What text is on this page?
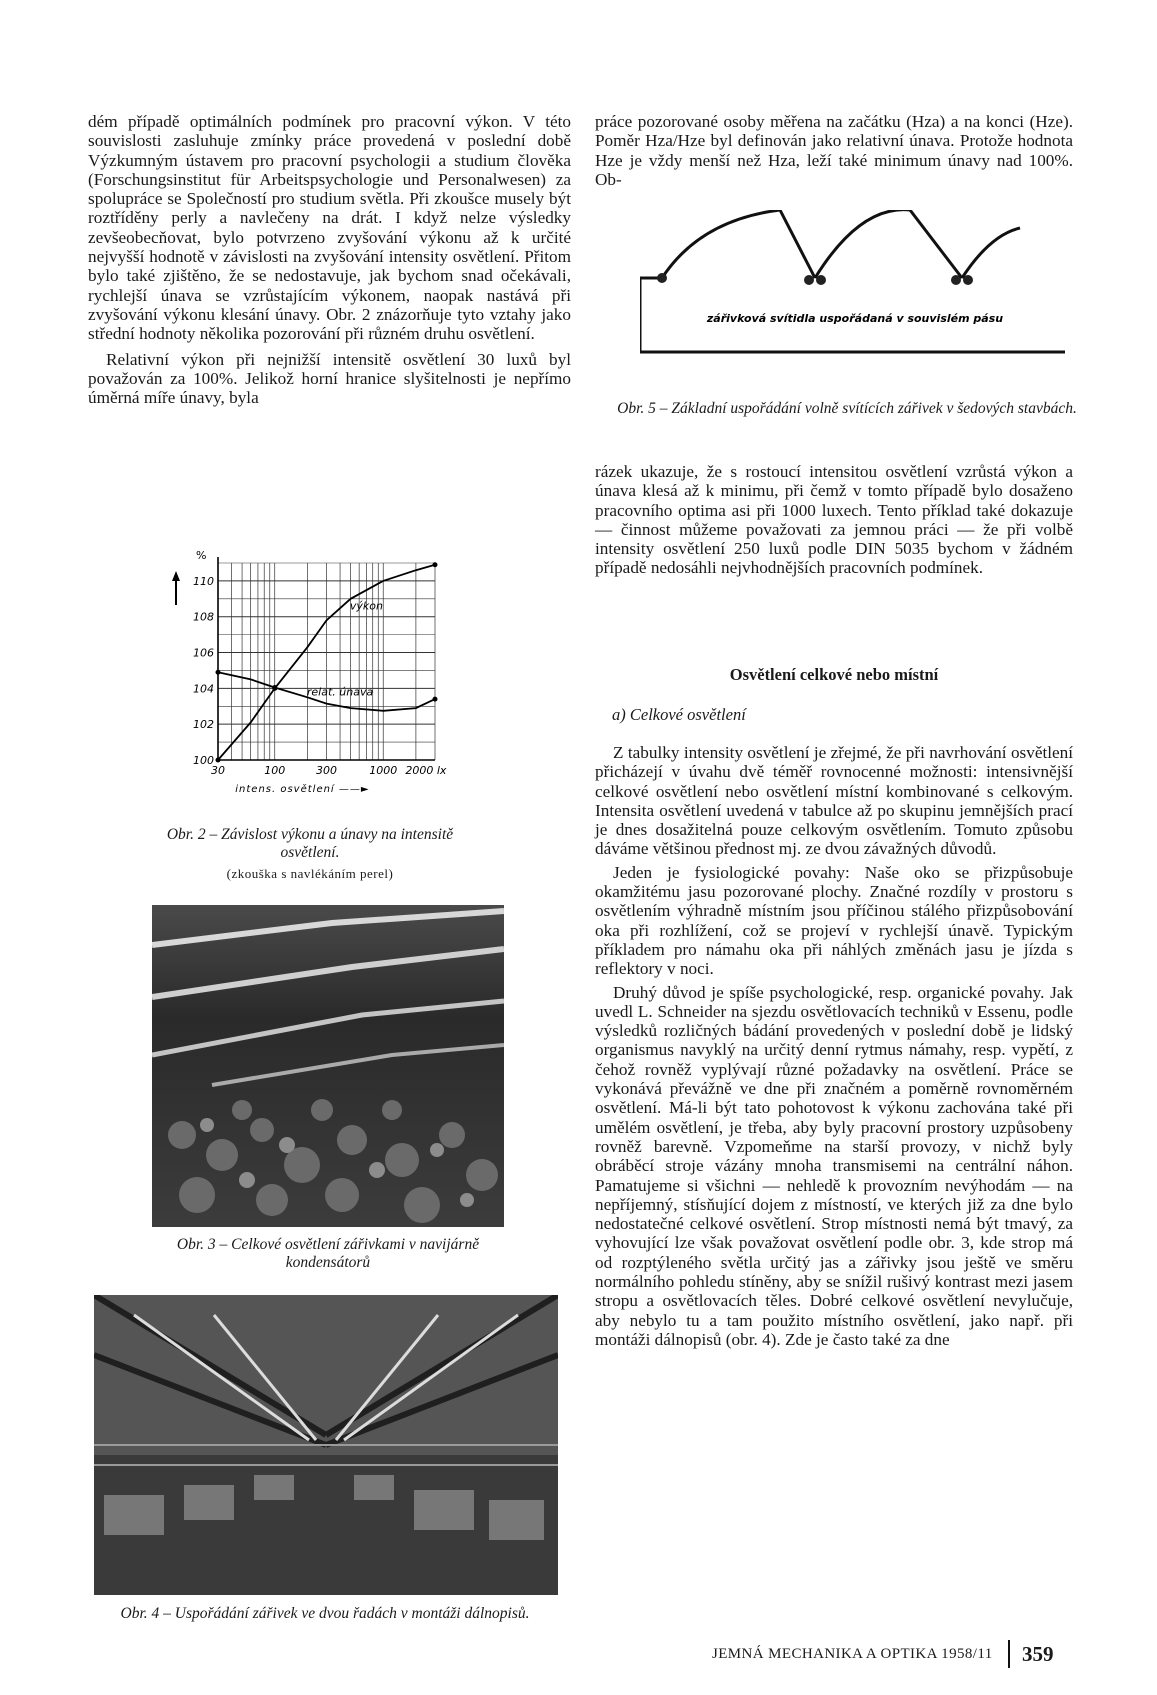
dém případě optimálních podmínek pro pracovní výkon. V této souvislosti zasluhuje zmínky práce provedená v poslední době Výzkumným ústavem pro pracovní psychologii a studium člověka (Forschungsinstitut für Arbeitspsychologie und Personalwesen) za spolupráce se Společností pro studium světla. Při zkoušce musely být roztříděny perly a navlečeny na drát. I když nelze výsledky zevšeobecňovat, bylo potvrzeno zvyšování výkonu až k určité nejvyšší hodnotě v závislosti na zvyšování intensity osvětlení. Přitom bylo také zjištěno, že se nedostavuje, jak bychom snad očekávali, rychlejší únava se vzrůstajícím výkonem, naopak nastává při zvyšování výkonu klesání únavy. Obr. 2 znázorňuje tyto vztahy jako střední hodnoty několika pozorování při různém druhu osvětlení.

Relativní výkon při nejnižší intensitě osvětlení 30 luxů byl považován za 100%. Jelikož horní hranice slyšitelnosti je nepřímo úměrná míře únavy, byla

100
102
104
106
108
110
%
30	100	300	1000 2000 lx
intens. osvětlení ——►
výkon
relat. únava
Obr. 2 – Závislost výkonu a únavy na intensitě osvětlení.
(zkouška s navlékáním perel)
Obr. 3 – Celkové osvětlení zářivkami v navijárně kondensátorů
Obr. 4 – Uspořádání zářivek ve dvou řadách v montáži dálnopisů.

práce pozorované osoby měřena na začátku (Hza) a na konci (Hze). Poměr Hza/Hze byl definován jako relativní únava. Protože hodnota Hze je vždy menší než Hza, leží také minimum únavy nad 100%. Ob-

zářivková svítidla uspořádaná v souvislém pásu
Obr. 5 – Základní uspořádání volně svítících zářivek v šedových stavbách.

rázek ukazuje, že s rostoucí intensitou osvětlení vzrůstá výkon a únava klesá až k minimu, při čemž v tomto případě bylo dosaženo pracovního optima asi při 1000 luxech. Tento příklad také dokazuje — činnost můžeme považovati za jemnou práci — že při volbě intensity osvětlení 250 luxů podle DIN 5035 bychom v žádném případě nedosáhli nejvhodnějších pracovních podmínek.

Osvětlení celkové nebo místní
a) Celkové osvětlení

Z tabulky intensity osvětlení je zřejmé, že při navrhování osvětlení přicházejí v úvahu dvě téměř rovnocenné možnosti: intensivnější celkové osvětlení nebo osvětlení místní kombinované s celkovým. Intensita osvětlení uvedená v tabulce až po skupinu jemnějších prací je dnes dosažitelná pouze celkovým osvětlením. Tomuto způsobu dáváme většinou přednost mj. ze dvou závažných důvodů.

Jeden je fysiologické povahy: Naše oko se přizpůsobuje okamžitému jasu pozorované plochy. Značné rozdíly v prostoru s osvětlením výhradně místním jsou příčinou stálého přizpůsobování oka při rozhlížení, což se projeví v rychlejší únavě. Typickým příkladem pro námahu oka při náhlých změnách jasu je jízda s reflektory v noci.

Druhý důvod je spíše psychologické, resp. organické povahy. Jak uvedl L. Schneider na sjezdu osvětlovacích techniků v Essenu, podle výsledků rozličných bádání provedených v poslední době je lidský organismus navyklý na určitý denní rytmus námahy, resp. vypětí, z čehož rovněž vyplývají různé požadavky na osvětlení. Práce se vykonává převážně ve dne při značném a poměrně rovnoměrném osvětlení. Má-li být tato pohotovost k výkonu zachována také při umělém osvětlení, je třeba, aby byly pracovní prostory uzpůsobeny rovněž barevně. Vzpomeňme na starší provozy, v nichž byly obráběcí stroje vázány mnoha transmisemi na centrální náhon. Pamatujeme si všichni — nehledě k provozním nevýhodám — na nepříjemný, stísňující dojem z místností, ve kterých již za dne bylo nedostatečné celkové osvětlení. Strop místnosti nemá být tmavý, za vyhovující lze však považovat osvětlení podle obr. 3, kde strop má od rozptýleného světla určitý jas a zářivky jsou ještě ve směru normálního pohledu stíněny, aby se snížil rušivý kontrast mezi jasem stropu a osvětlovacích těles. Dobré celkové osvětlení nevylučuje, aby nebylo tu a tam použito místního osvětlení, jako např. při montáži dálnopisů (obr. 4). Zde je často také za dne

JEMNÁ MECHANIKA A OPTIKA 1958/11 359
